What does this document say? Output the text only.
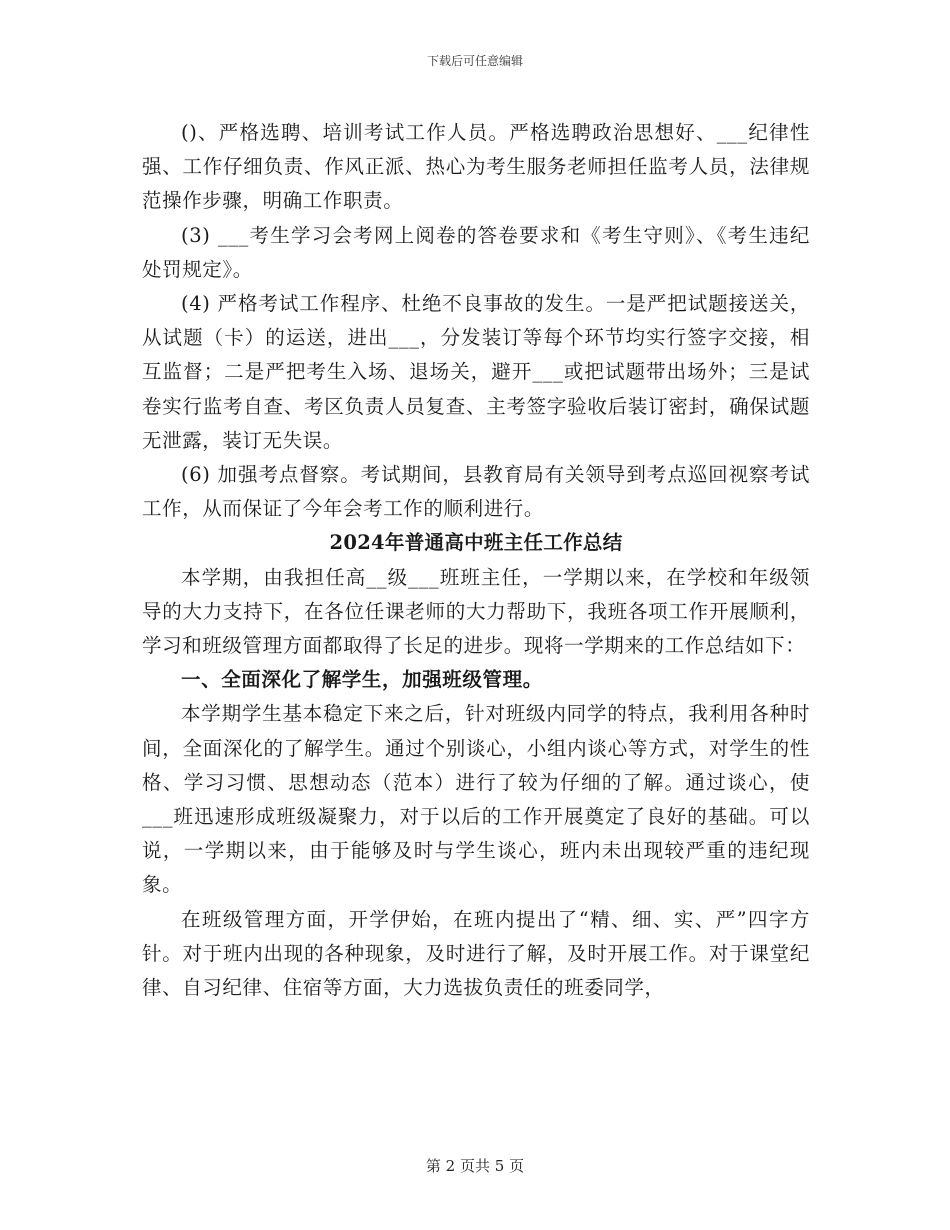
下载后可任意编辑

()、严格选聘、培训考试工作人员。严格选聘政治思想好、___纪律性强、工作仔细负责、作风正派、热心为考生服务老师担任监考人员，法律规范操作步骤，明确工作职责。

(3) ___考生学习会考网上阅卷的答卷要求和《考生守则》、《考生违纪处罚规定》。

(4) 严格考试工作程序、杜绝不良事故的发生。一是严把试题接送关，从试题（卡）的运送，进出___，分发装订等每个环节均实行签字交接，相互监督；二是严把考生入场、退场关，避开___或把试题带出场外；三是试卷实行监考自查、考区负责人员复查、主考签字验收后装订密封，确保试题无泄露，装订无失误。

(6) 加强考点督察。考试期间，县教育局有关领导到考点巡回视察考试工作，从而保证了今年会考工作的顺利进行。

2024年普通高中班主任工作总结

本学期，由我担任高__级___班班主任，一学期以来，在学校和年级领导的大力支持下，在各位任课老师的大力帮助下，我班各项工作开展顺利，学习和班级管理方面都取得了长足的进步。现将一学期来的工作总结如下：

一、全面深化了解学生，加强班级管理。

本学期学生基本稳定下来之后，针对班级内同学的特点，我利用各种时间，全面深化的了解学生。通过个别谈心，小组内谈心等方式，对学生的性格、学习习惯、思想动态（范本）进行了较为仔细的了解。通过谈心，使___班迅速形成班级凝聚力，对于以后的工作开展奠定了良好的基础。可以说，一学期以来，由于能够及时与学生谈心，班内未出现较严重的违纪现象。

在班级管理方面，开学伊始，在班内提出了“精、细、实、严”四字方针。对于班内出现的各种现象，及时进行了解，及时开展工作。对于课堂纪律、自习纪律、住宿等方面，大力选拔负责任的班委同学，

第 2 页共 5 页
